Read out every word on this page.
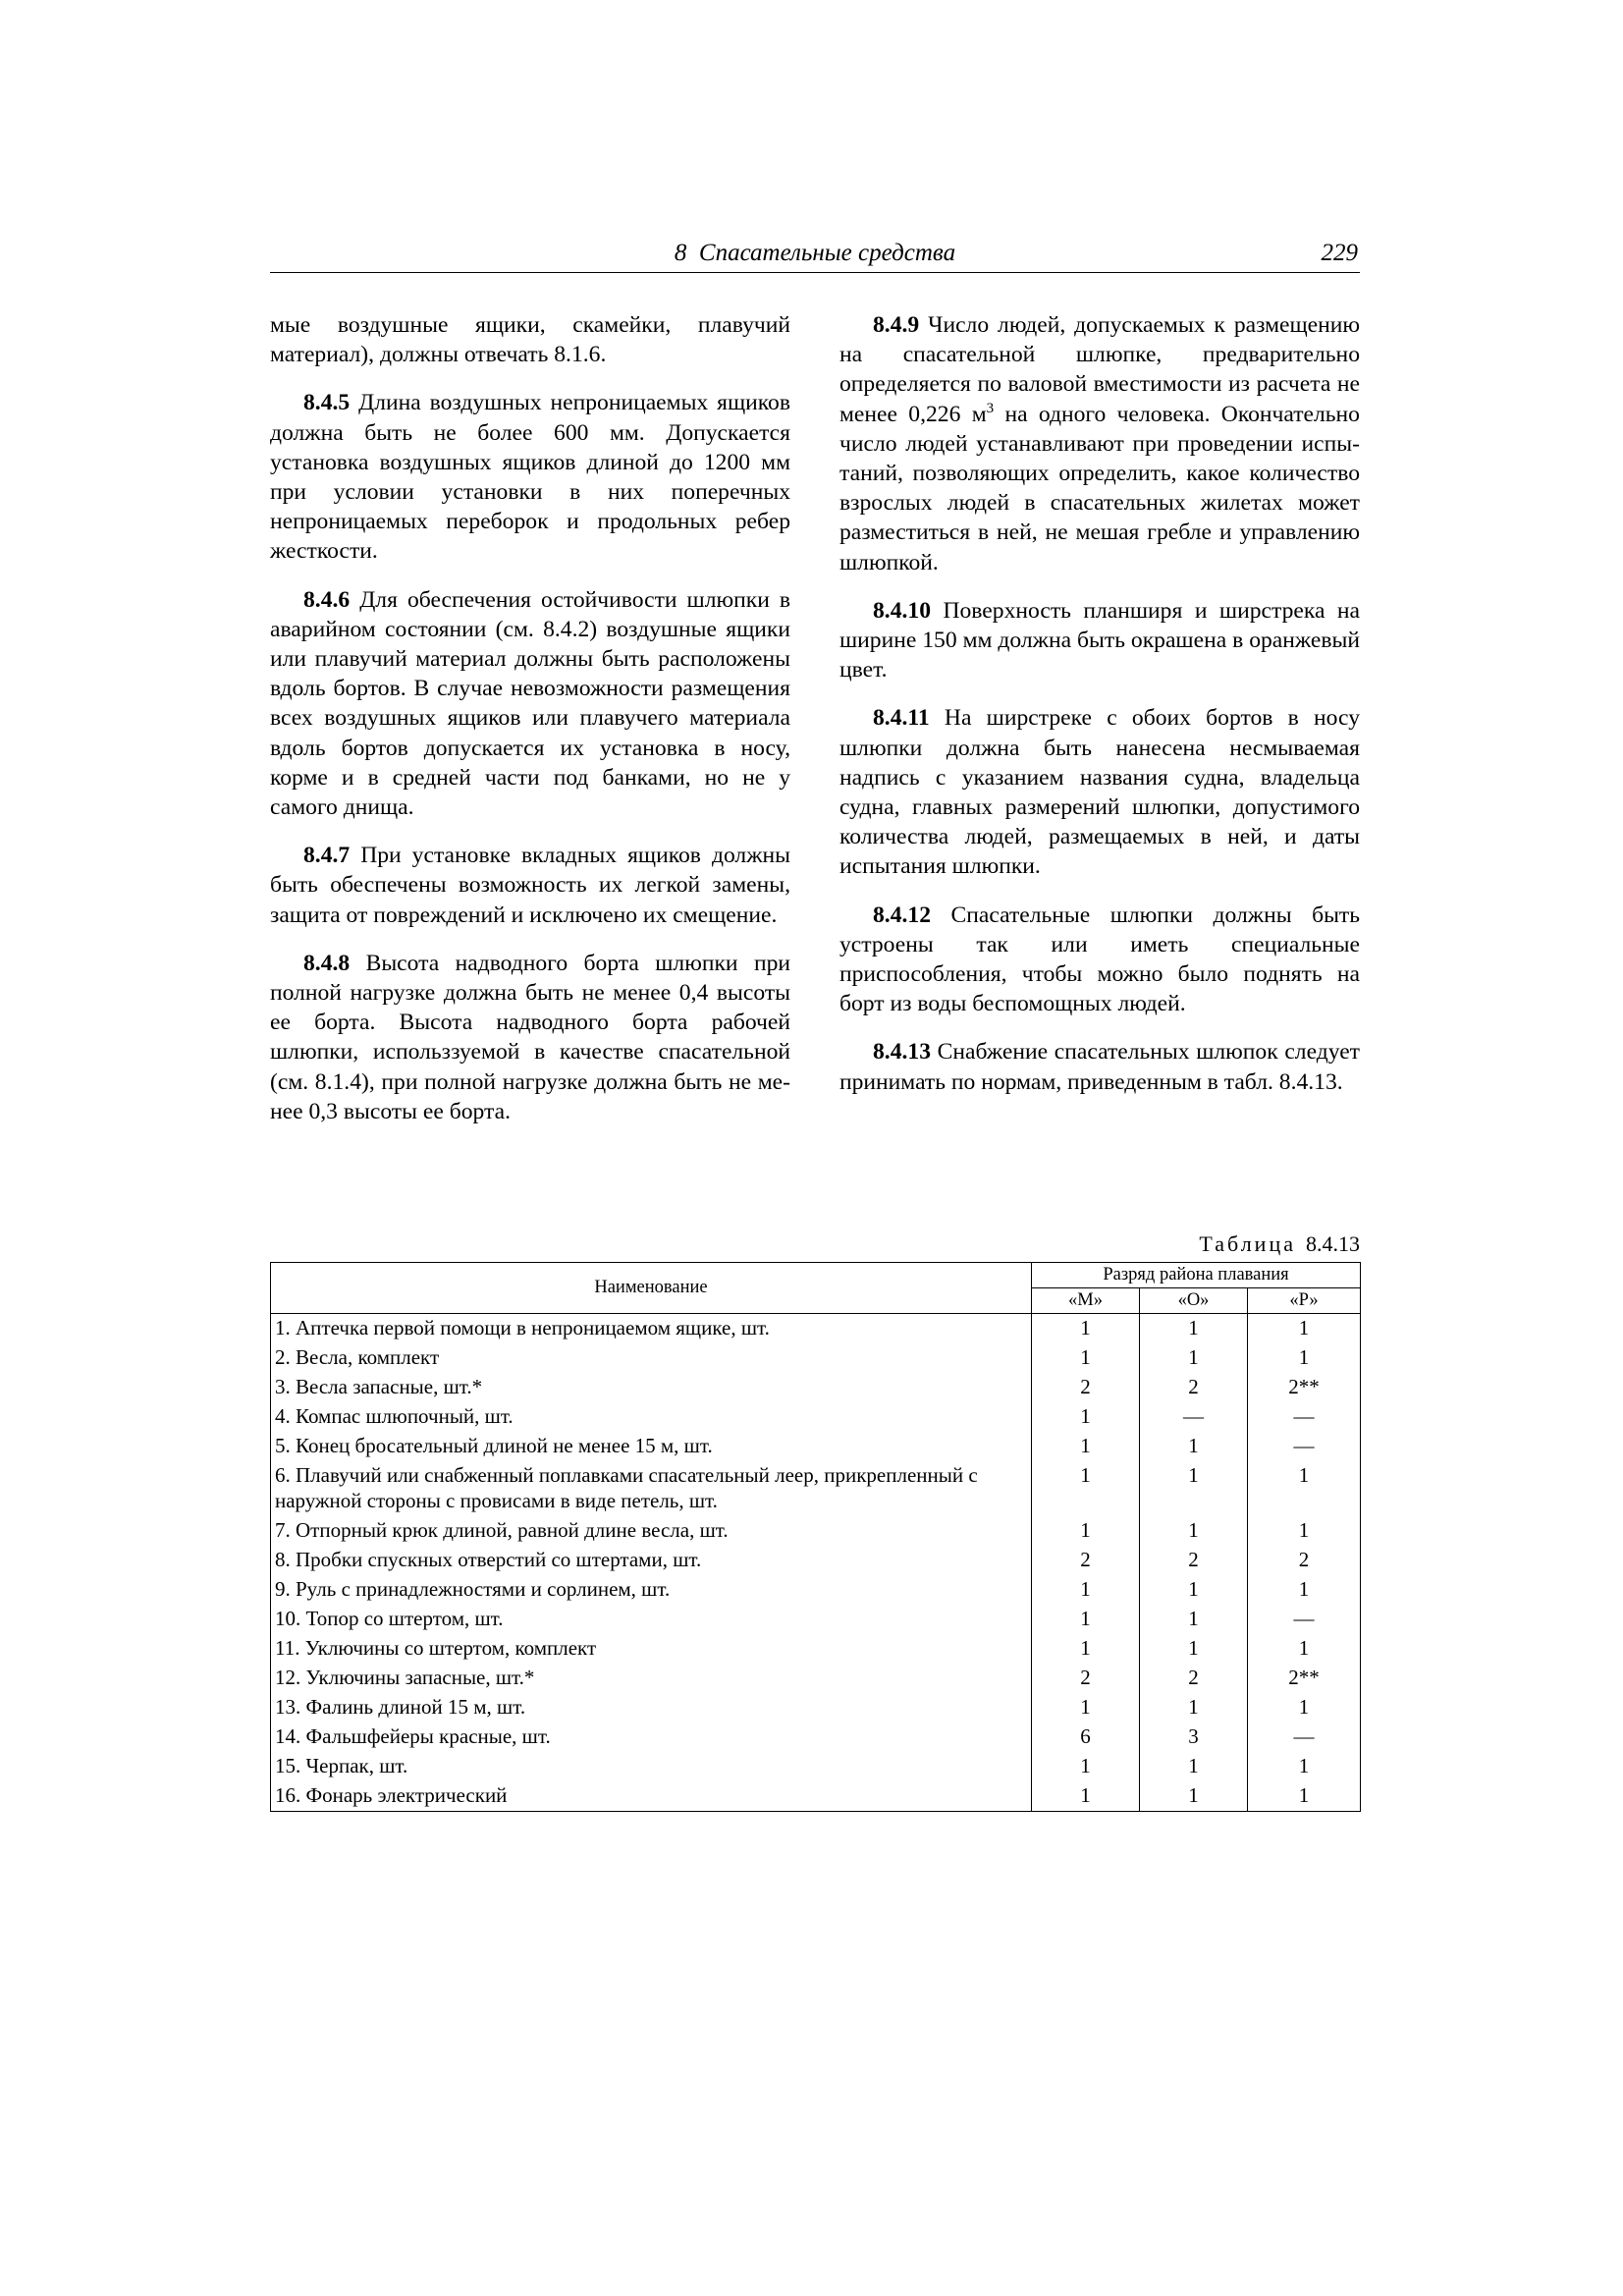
8  Спасательные средства	229

мые воздушные ящики, скамейки, плавучий материал), должны отвечать 8.1.6.

8.4.5 Длина воздушных непроницаемых ящиков должна быть не более 600 мм. Допускается установка воздушных ящиков длиной до 1200 мм при условии установки в них поперечных непроницаемых переборок и продольных ребер жесткости.

8.4.6 Для обеспечения остойчивости шлюпки в аварийном состоянии (см. 8.4.2) воздушные ящики или плавучий материал должны быть расположены вдоль бортов. В случае невозможности размещения всех воздушных ящиков или плавучего материала вдоль бортов допускается их установка в носу, корме и в средней части под банками, но не у самого днища.

8.4.7 При установке вкладных ящиков должны быть обеспечены возможность их легкой замены, защита от повреждений и исключено их смещение.

8.4.8 Высота надводного борта шлюпки при полной нагрузке должна быть не менее 0,4 высоты ее борта. Высота надводного борта рабочей шлюпки, использзуемой в качестве спасательной (см. 8.1.4), при полной нагрузке должна быть не менее 0,3 высоты ее борта.

8.4.9 Число людей, допускаемых к размещению на спасательной шлюпке, предварительно определяется по валовой вместимости из расчета не менее 0,226 $м^3$ на одного человека. Окончательно число людей устанавливают при проведении испытаний, позволяющих определить, какое количество взрослых людей в спасательных жилетах может разместиться в ней, не мешая гребле и управлению шлюпкой.

8.4.10 Поверхность планширя и ширстрека на ширине 150 мм должна быть окрашена в оранжевый цвет.

8.4.11 На ширстреке с обоих бортов в носу шлюпки должна быть нанесена несмываемая надпись с указанием названия судна, владельца судна, главных размерений шлюпки, допустимого количества людей, размещаемых в ней, и даты испытания шлюпки.

8.4.12 Спасательные шлюпки должны быть устроены так или иметь специальные приспособления, чтобы можно было поднять на борт из воды беспомощных людей.

8.4.13 Снабжение спасательных шлюпок следует принимать по нормам, приведенным в табл. 8.4.13.

Таблица 8.4.13
Наименование	Разряд района плавания		
	«М»	«О»	«Р»
1. Аптечка первой помощи в непроницаемом ящике, шт.	1	1	1
2. Весла, комплект	1	1	1
3. Весла запасные, шт.*	2	2	2**
4. Компас шлюпочный, шт.	1	—	—
5. Конец бросательный длиной не менее 15 м, шт.	1	1	—
6. Плавучий или снабженный поплавками спасательный леер, прикрепленный с наружной стороны с провисами в виде петель, шт.	1	1	1
7. Отпорный крюк длиной, равной длине весла, шт.	1	1	1
8. Пробки спускных отверстий со штертами, шт.	2	2	2
9. Руль с принадлежностями и сорлинем, шт.	1	1	1
10. Топор со штертом, шт.	1	1	—
11. Уключины со штертом, комплект	1	1	1
12. Уключины запасные, шт.*	2	2	2**
13. Фалинь длиной 15 м, шт.	1	1	1
14. Фальшфейеры красные, шт.	6	3	—
15. Черпак, шт.	1	1	1
16. Фонарь электрический	1	1	1
